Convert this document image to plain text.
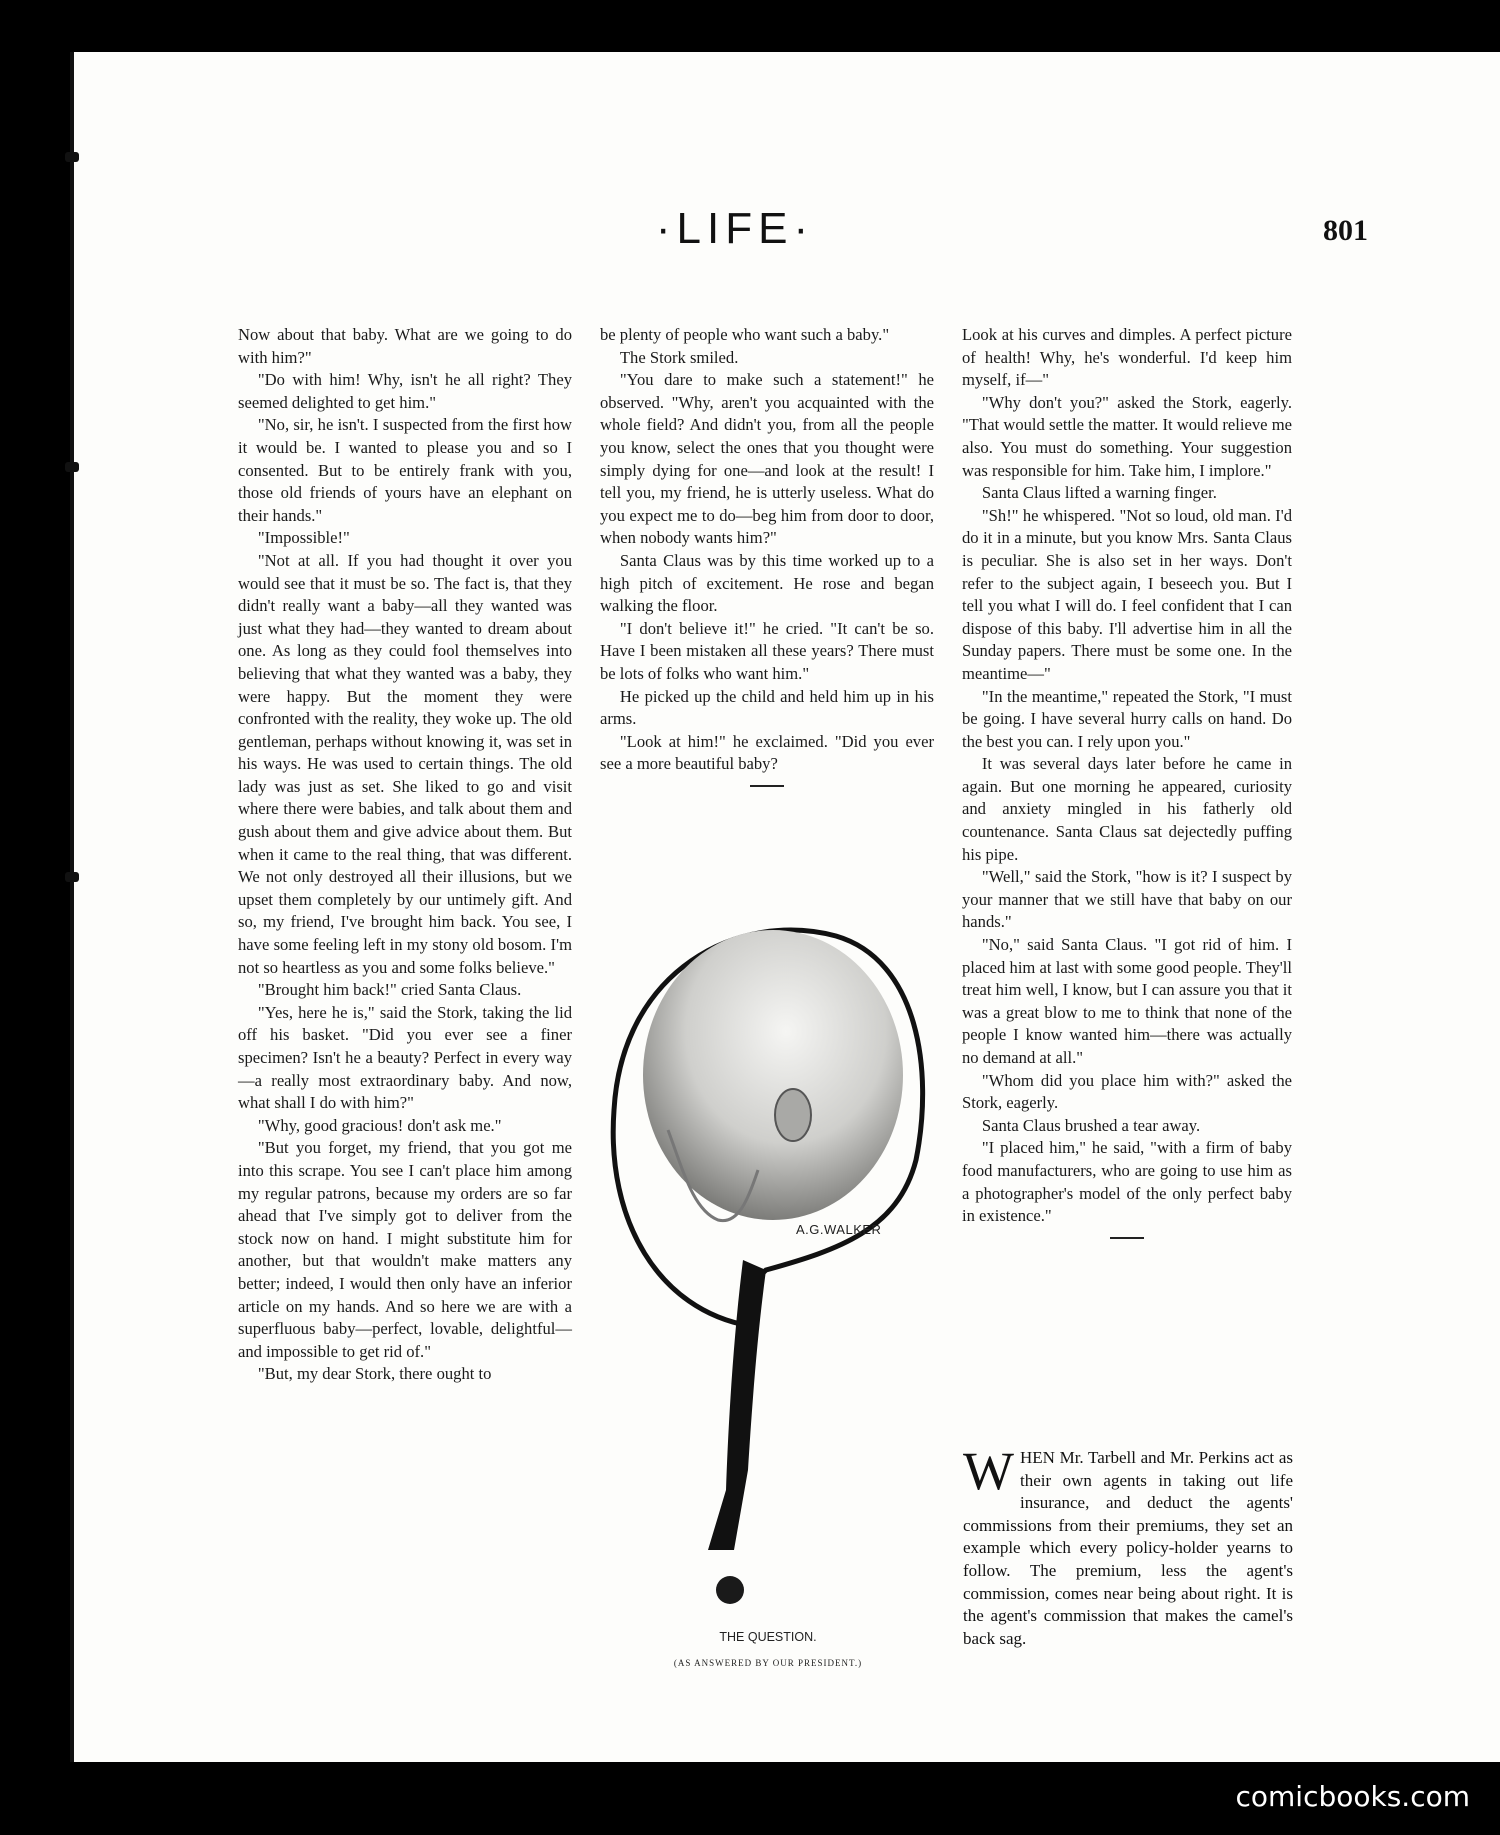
·LIFE·	801

Now about that baby. What are we going to do with him?"

"Do with him! Why, isn't he all right? They seemed delighted to get him."

"No, sir, he isn't. I suspected from the first how it would be. I wanted to please you and so I consented. But to be entirely frank with you, those old friends of yours have an elephant on their hands."

"Impossible!"

"Not at all. If you had thought it over you would see that it must be so. The fact is, that they didn't really want a baby—all they wanted was just what they had—they wanted to dream about one. As long as they could fool themselves into believing that what they wanted was a baby, they were happy. But the moment they were confronted with the reality, they woke up. The old gentleman, perhaps without knowing it, was set in his ways. He was used to certain things. The old lady was just as set. She liked to go and visit where there were babies, and talk about them and gush about them and give advice about them. But when it came to the real thing, that was different. We not only destroyed all their illusions, but we upset them completely by our untimely gift. And so, my friend, I've brought him back. You see, I have some feeling left in my stony old bosom. I'm not so heartless as you and some folks believe."

"Brought him back!" cried Santa Claus.

"Yes, here he is," said the Stork, taking the lid off his basket. "Did you ever see a finer specimen? Isn't he a beauty? Perfect in every way—a really most extraordinary baby. And now, what shall I do with him?"

"Why, good gracious! don't ask me."

"But you forget, my friend, that you got me into this scrape. You see I can't place him among my regular patrons, because my orders are so far ahead that I've simply got to deliver from the stock now on hand. I might substitute him for another, but that wouldn't make matters any better; indeed, I would then only have an inferior article on my hands. And so here we are with a superfluous baby—perfect, lovable, delightful—and impossible to get rid of."

"But, my dear Stork, there ought to

be plenty of people who want such a baby."

The Stork smiled.

"You dare to make such a statement!" he observed. "Why, aren't you acquainted with the whole field? And didn't you, from all the people you know, select the ones that you thought were simply dying for one—and look at the result! I tell you, my friend, he is utterly useless. What do you expect me to do—beg him from door to door, when nobody wants him?"

Santa Claus was by this time worked up to a high pitch of excitement. He rose and began walking the floor.

"I don't believe it!" he cried. "It can't be so. Have I been mistaken all these years? There must be lots of folks who want him."

He picked up the child and held him up in his arms.

"Look at him!" he exclaimed. "Did you ever see a more beautiful baby?

Look at his curves and dimples. A perfect picture of health! Why, he's wonderful. I'd keep him myself, if—"

"Why don't you?" asked the Stork, eagerly. "That would settle the matter. It would relieve me also. You must do something. Your suggestion was responsible for him. Take him, I implore."

Santa Claus lifted a warning finger.

"Sh!" he whispered. "Not so loud, old man. I'd do it in a minute, but you know Mrs. Santa Claus is peculiar. She is also set in her ways. Don't refer to the subject again, I beseech you. But I tell you what I will do. I feel confident that I can dispose of this baby. I'll advertise him in all the Sunday papers. There must be some one. In the meantime—"

"In the meantime," repeated the Stork, "I must be going. I have several hurry calls on hand. Do the best you can. I rely upon you."

It was several days later before he came in again. But one morning he appeared, curiosity and anxiety mingled in his fatherly old countenance. Santa Claus sat dejectedly puffing his pipe.

"Well," said the Stork, "how is it? I suspect by your manner that we still have that baby on our hands."

"No," said Santa Claus. "I got rid of him. I placed him at last with some good people. They'll treat him well, I know, but I can assure you that it was a great blow to me to think that none of the people I know wanted him—there was actually no demand at all."

"Whom did you place him with?" asked the Stork, eagerly.

Santa Claus brushed a tear away.

"I placed him," he said, "with a firm of baby food manufacturers, who are going to use him as a photographer's model of the only perfect baby in existence."

A.G.WALKER
THE QUESTION.
(AS ANSWERED BY OUR PRESIDENT.)
WHEN Mr. Tarbell and Mr. Perkins act as their own agents in taking out life insurance, and deduct the agents' commissions from their premiums, they set an example which every policy-holder yearns to follow. The premium, less the agent's commission, comes near being about right. It is the agent's commission that makes the camel's back sag.
comicbooks.com
